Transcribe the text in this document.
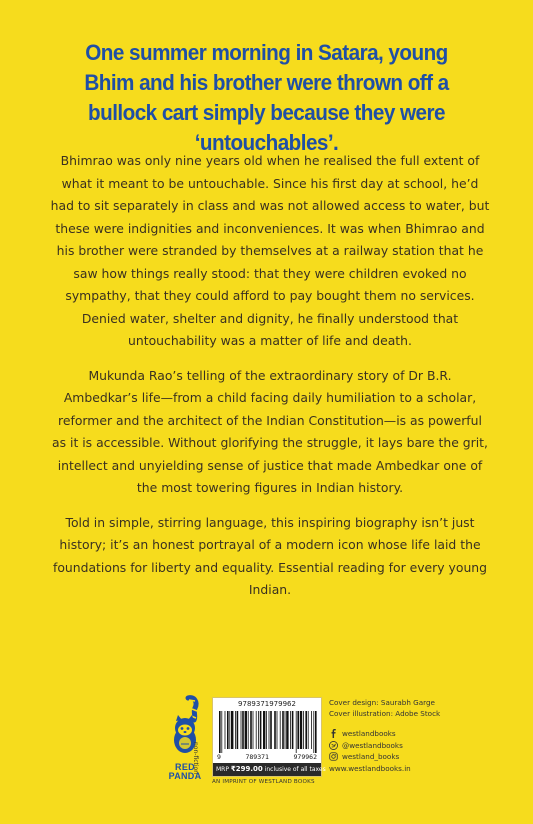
One summer morning in Satara, young Bhim and his brother were thrown off a bullock cart simply because they were ‘untouchables’.

Bhimrao was only nine years old when he realised the full extent of what it meant to be untouchable. Since his first day at school, he’d had to sit separately in class and was not allowed access to water, but these were indignities and inconveniences. It was when Bhimrao and his brother were stranded by themselves at a railway station that he saw how things really stood: that they were children evoked no sympathy, that they could afford to pay bought them no services. Denied water, shelter and dignity, he finally understood that untouchability was a matter of life and death.

Mukunda Rao’s telling of the extraordinary story of Dr B.R. Ambedkar’s life—from a child facing daily humiliation to a scholar, reformer and the architect of the Indian Constitution—is as powerful as it is accessible. Without glorifying the struggle, it lays bare the grit, intellect and unyielding sense of justice that made Ambedkar one of the most towering figures in Indian history.

Told in simple, stirring language, this inspiring biography isn’t just history; it’s an honest portrayal of a modern icon whose life laid the foundations for liberty and equality. Essential reading for every young Indian.

RED
PANDA
non-fiction
9789371979962
9	789371	979962
MRP ₹299.00 inclusive of all taxes
AN IMPRINT OF WESTLAND BOOKS
Cover design: Saurabh Garge
Cover illustration: Adobe Stock
westlandbooks
@westlandbooks
westland_books
www.westlandbooks.in
